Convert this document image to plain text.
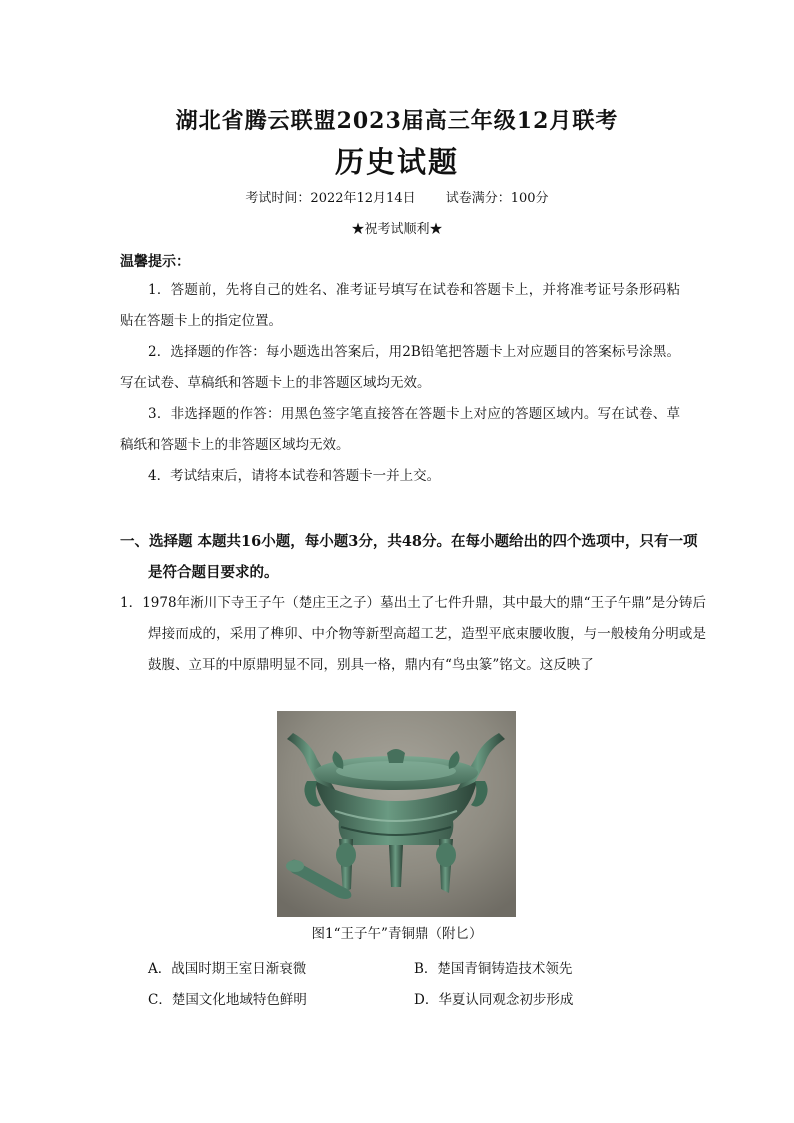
湖北省腾云联盟2023届高三年级12月联考
历史试题
考试时间：2022年12月14日 试卷满分：100分
★祝考试顺利★
温馨提示：
1．答题前，先将自己的姓名、准考证号填写在试卷和答题卡上，并将准考证号条形码粘贴在答题卡上的指定位置。
2．选择题的作答：每小题选出答案后，用2B铅笔把答题卡上对应题目的答案标号涂黑。写在试卷、草稿纸和答题卡上的非答题区域均无效。
3．非选择题的作答：用黑色签字笔直接答在答题卡上对应的答题区域内。写在试卷、草稿纸和答题卡上的非答题区域均无效。
4．考试结束后，请将本试卷和答题卡一并上交。
一、选择题 本题共16小题，每小题3分，共48分。在每小题给出的四个选项中，只有一项是符合题目要求的。
1．1978年淅川下寺王子午（楚庄王之子）墓出土了七件升鼎，其中最大的鼎“王子午鼎”是分铸后焊接而成的，采用了榫卯、中介物等新型高超工艺，造型平底束腰收腹，与一般棱角分明或是鼓腹、立耳的中原鼎明显不同，别具一格，鼎内有“鸟虫篆”铭文。这反映了
图1“王子午”青铜鼎（附匕）
A．战国时期王室日渐衰微	B．楚国青铜铸造技术领先
C．楚国文化地域特色鲜明	D．华夏认同观念初步形成
